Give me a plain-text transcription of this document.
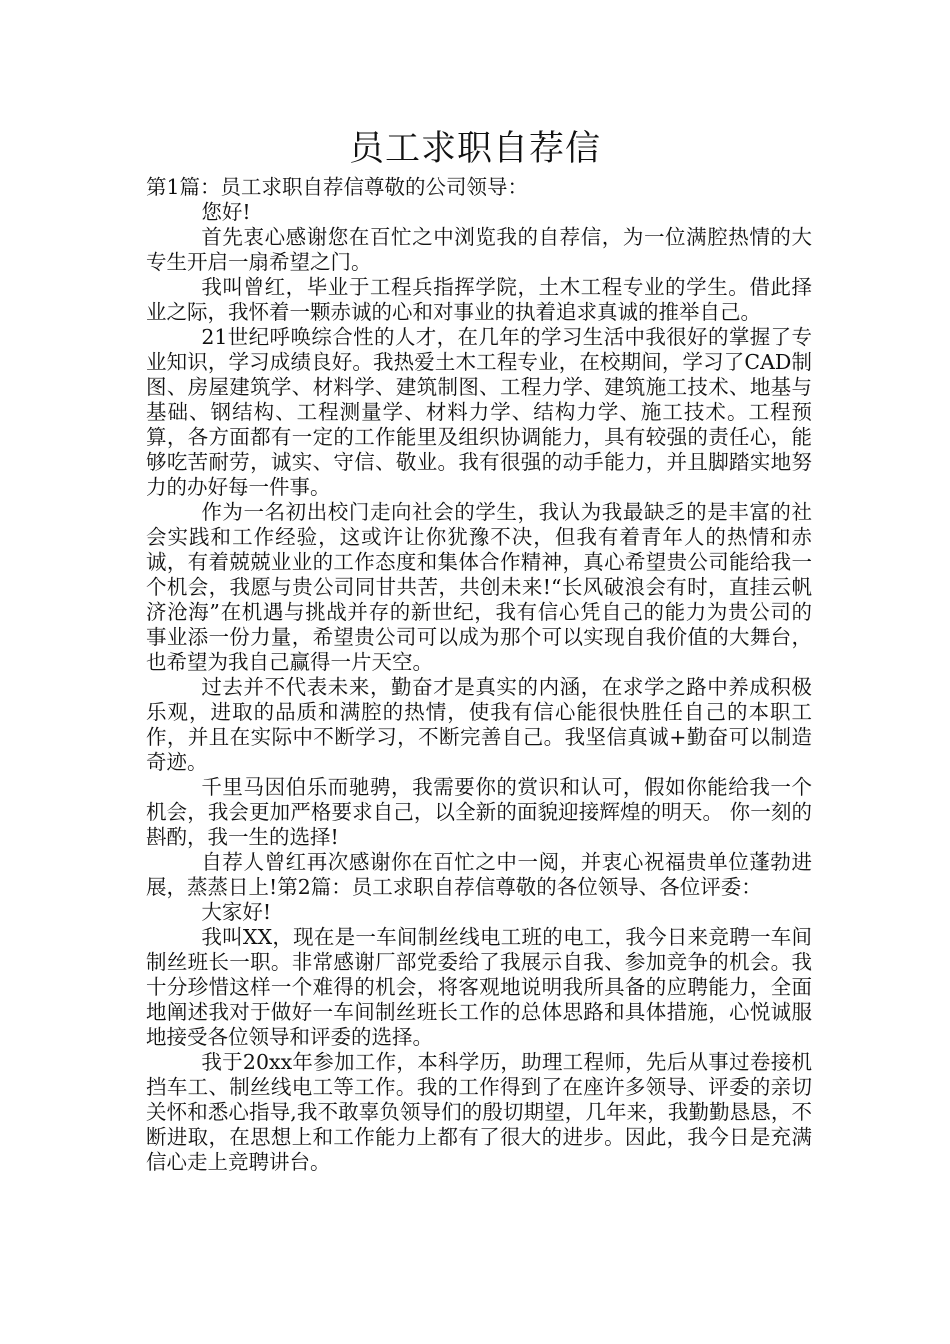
员工求职自荐信

第1篇：员工求职自荐信尊敬的公司领导：

您好!

首先衷心感谢您在百忙之中浏览我的自荐信，为一位满腔热情的大专生开启一扇希望之门。

我叫曾红，毕业于工程兵指挥学院，土木工程专业的学生。借此择业之际，我怀着一颗赤诚的心和对事业的执着追求真诚的推举自己。

21世纪呼唤综合性的人才，在几年的学习生活中我很好的掌握了专业知识，学习成绩良好。我热爱土木工程专业，在校期间，学习了CAD制图、房屋建筑学、材料学、建筑制图、工程力学、建筑施工技术、地基与基础、钢结构、工程测量学、材料力学、结构力学、施工技术。工程预算，各方面都有一定的工作能里及组织协调能力，具有较强的责任心，能够吃苦耐劳，诚实、守信、敬业。我有很强的动手能力，并且脚踏实地努力的办好每一件事。

作为一名初出校门走向社会的学生，我认为我最缺乏的是丰富的社会实践和工作经验，这或许让你犹豫不决，但我有着青年人的热情和赤诚，有着兢兢业业的工作态度和集体合作精神，真心希望贵公司能给我一个机会，我愿与贵公司同甘共苦，共创未来!“长风破浪会有时，直挂云帆济沧海”在机遇与挑战并存的新世纪，我有信心凭自己的能力为贵公司的事业添一份力量，希望贵公司可以成为那个可以实现自我价值的大舞台，也希望为我自己赢得一片天空。

过去并不代表未来，勤奋才是真实的内涵，在求学之路中养成积极乐观，进取的品质和满腔的热情，使我有信心能很快胜任自己的本职工作，并且在实际中不断学习，不断完善自己。我坚信真诚+勤奋可以制造奇迹。

千里马因伯乐而驰骋，我需要你的赏识和认可，假如你能给我一个机会，我会更加严格要求自己，以全新的面貌迎接辉煌的明天。 你一刻的斟酌，我一生的选择!

自荐人曾红再次感谢你在百忙之中一阅，并衷心祝福贵单位蓬勃进展，蒸蒸日上!第2篇：员工求职自荐信尊敬的各位领导、各位评委：

大家好!

我叫XX，现在是一车间制丝线电工班的电工，我今日来竞聘一车间制丝班长一职。非常感谢厂部党委给了我展示自我、参加竞争的机会。我十分珍惜这样一个难得的机会，将客观地说明我所具备的应聘能力，全面地阐述我对于做好一车间制丝班长工作的总体思路和具体措施，心悦诚服地接受各位领导和评委的选择。

我于20xx年参加工作，本科学历，助理工程师，先后从事过卷接机挡车工、制丝线电工等工作。我的工作得到了在座许多领导、评委的亲切关怀和悉心指导,我不敢辜负领导们的殷切期望，几年来，我勤勤恳恳，不断进取，在思想上和工作能力上都有了很大的进步。因此，我今日是充满信心走上竞聘讲台。
